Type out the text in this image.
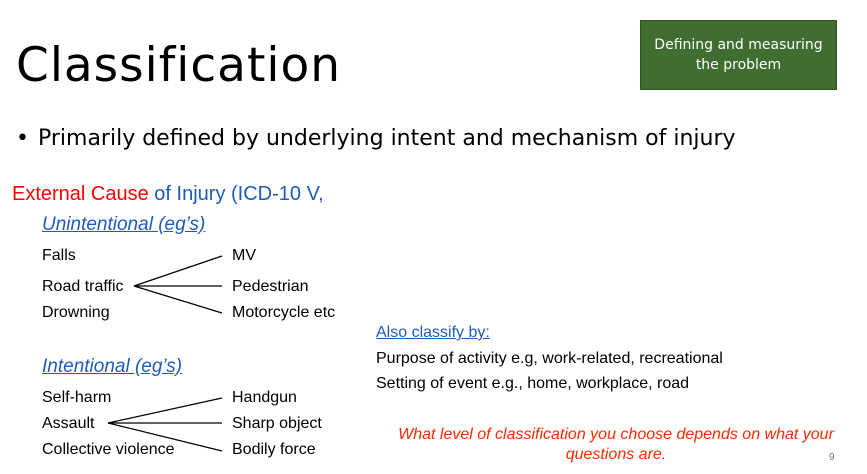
Classification	Defining and measuring the problem
• Primarily defined by underlying intent and mechanism of injury
External Cause of Injury (ICD-10 V,
Unintentional (eg’s)
Falls
Road traffic
Drowning
MV
Pedestrian
Motorcycle etc
Intentional (eg’s)
Self-harm
Assault
Collective violence
Handgun
Sharp object
Bodily force
Also classify by:
Purpose of activity e.g, work-related, recreational
Setting of event e.g., home, workplace, road
What level of classification you choose depends on what your questions are.	9
